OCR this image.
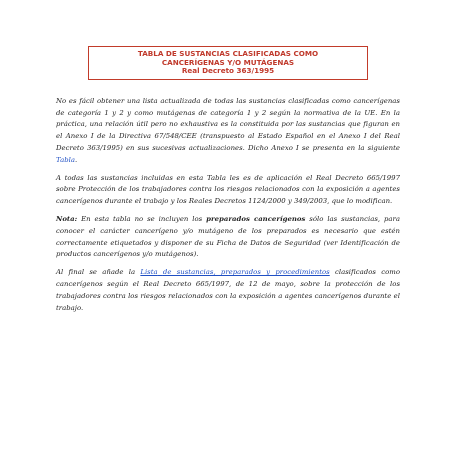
TABLA DE SUSTANCIAS CLASIFICADAS COMO
CANCERÍGENAS Y/O MUTÁGENAS
Real Decreto 363/1995

No es fácil obtener una lista actualizada de todas las sustancias clasificadas como cancerígenas de categoría 1 y 2 y como mutágenas de categoría 1 y 2 según la normativa de la UE. En la práctica, una relación útil pero no exhaustiva es la constituida por las sustancias que figuran en el Anexo I de la Directiva 67/548/CEE (transpuesto al Estado Español en el Anexo I del Real Decreto 363/1995) en sus sucesivas actualizaciones. Dicho Anexo I se presenta en la siguiente Tabla.

A todas las sustancias incluidas en esta Tabla les es de aplicación el Real Decreto 665/1997 sobre Protección de los trabajadores contra los riesgos relacionados con la exposición a agentes cancerígenos durante el trabajo y los Reales Decretos 1124/2000 y 349/2003, que lo modifican.

Nota: En esta tabla no se incluyen los preparados cancerígenos sólo las sustancias, para conocer el carácter cancerígeno y/o mutágeno de los preparados es necesario que estén correctamente etiquetados y disponer de su Ficha de Datos de Seguridad (ver Identificación de productos cancerígenos y/o mutágenos).

Al final se añade la Lista de sustancias, preparados y procedimientos clasificados como cancerígenos según el Real Decreto 665/1997, de 12 de mayo, sobre la protección de los trabajadores contra los riesgos relacionados con la exposición a agentes cancerígenos durante el trabajo.
